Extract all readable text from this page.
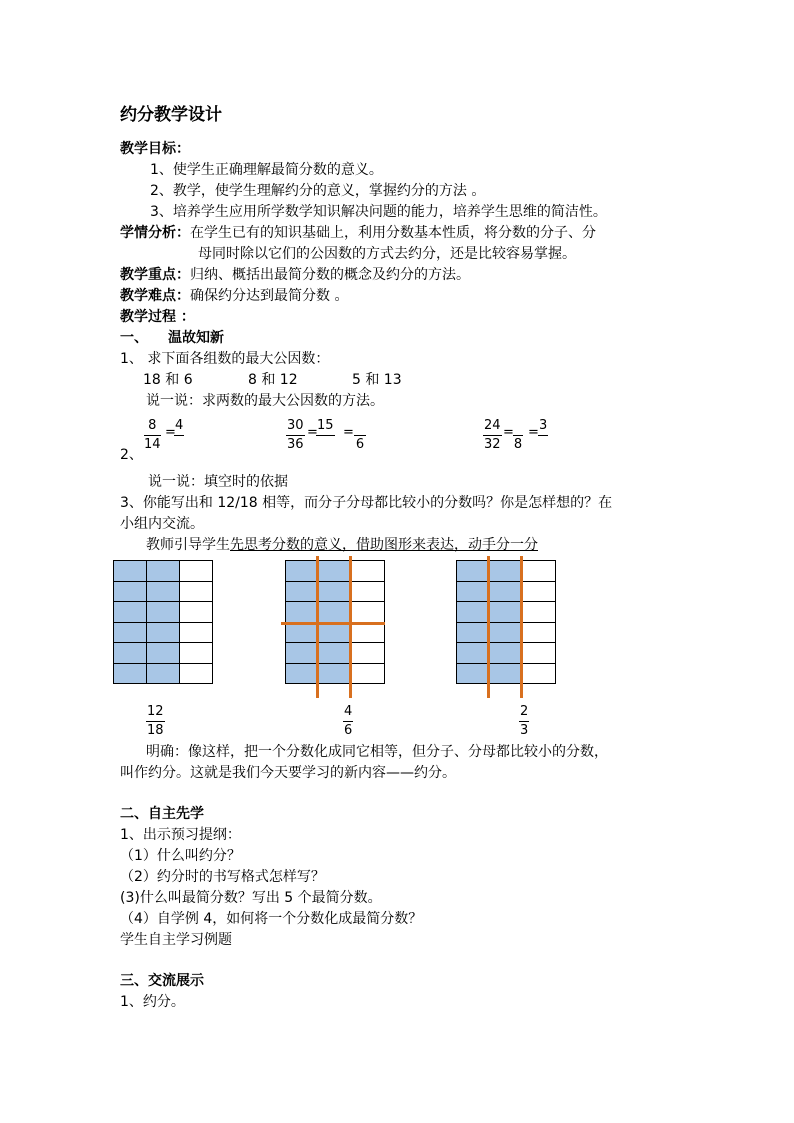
约分教学设计
教学目标：
1、使学生正确理解最简分数的意义。
2、教学，使学生理解约分的意义，掌握约分的方法 。
3、培养学生应用所学数学知识解决问题的能力，培养学生思维的简洁性。
学情分析：在学生已有的知识基础上，利用分数基本性质，将分数的分子、分
母同时除以它们的公因数的方式去约分，还是比较容易掌握。
教学重点：归纳、概括出最简分数的概念及约分的方法。
教学难点：确保约分达到最简分数 。
教学过程 ：
一、 温故知新
1、 求下面各组数的最大公因数：
18 和 6	8 和 12	5 和 13
说一说：求两数的最大公因数的方法。
2、
$\frac{8}{14} = 4$	$\frac{30}{36} = 15$ =
6	$\frac{24}{32}$ =
8
= 3
说一说：填空时的依据
3、你能写出和 12/18 相等，而分子分母都比较小的分数吗？你是怎样想的？在
小组内交流。
教师引导学生先思考分数的意义，借助图形来表达，动手分一分

$\frac{12}{18}$	$\frac{4}{6}$	$\frac{2}{3}$
明确：像这样，把一个分数化成同它相等，但分子、分母都比较小的分数，
叫作约分。这就是我们今天要学习的新内容——约分。
二、自主先学
1、出示预习提纲：
（1）什么叫约分？
（2）约分时的书写格式怎样写？
(3)什么叫最简分数？写出 5 个最简分数。
（4）自学例 4，如何将一个分数化成最简分数？
学生自主学习例题
三、交流展示
1、约分。
